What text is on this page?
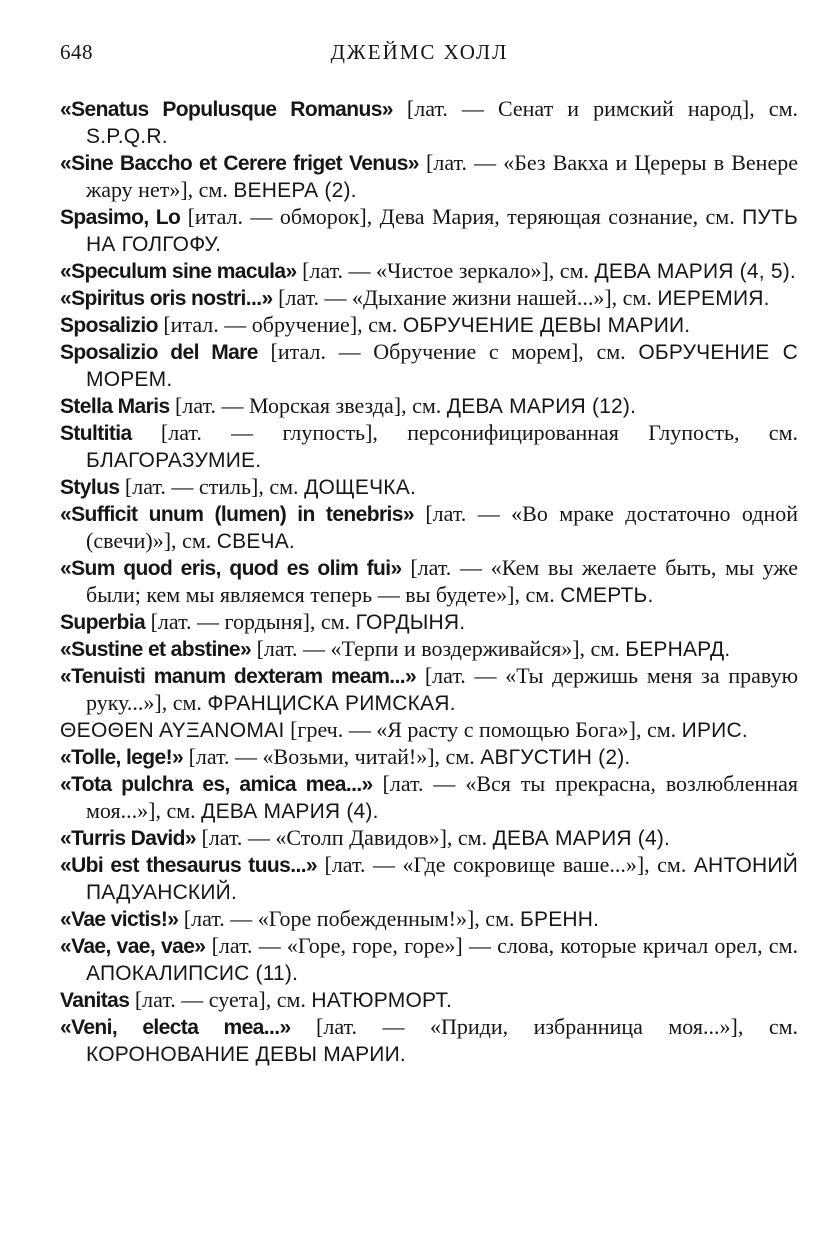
648	ДЖЕЙМС ХОЛЛ
«Senatus Populusque Romanus» [лат. — Сенат и римский народ], см. S.P.Q.R.
«Sine Baccho et Cerere friget Venus» [лат. — «Без Вакха и Цереры в Венере жару нет»], см. ВЕНЕРА (2).
Spasimo, Lo [итал. — обморок], Дева Мария, теряющая сознание, см. ПУТЬ НА ГОЛГОФУ.
«Speculum sine macula» [лат. — «Чистое зеркало»], см. ДЕВА МАРИЯ (4, 5).
«Spiritus oris nostri...» [лат. — «Дыхание жизни нашей...»], см. ИЕРЕМИЯ.
Sposalizio [итал. — обручение], см. ОБРУЧЕНИЕ ДЕВЫ МАРИИ.
Sposalizio del Mare [итал. — Обручение с морем], см. ОБРУЧЕНИЕ С МОРЕМ.
Stella Maris [лат. — Морская звезда], см. ДЕВА МАРИЯ (12).
Stultitia [лат. — глупость], персонифицированная Глупость, см. БЛАГОРАЗУМИЕ.
Stylus [лат. — стиль], см. ДОЩЕЧКА.
«Sufficit unum (lumen) in tenebris» [лат. — «Во мраке достаточно одной (свечи)»], см. СВЕЧА.
«Sum quod eris, quod es olim fui» [лат. — «Кем вы желаете быть, мы уже были; кем мы являемся теперь — вы будете»], см. СМЕРТЬ.
Superbia [лат. — гордыня], см. ГОРДЫНЯ.
«Sustine et abstine» [лат. — «Терпи и воздерживайся»], см. БЕРНАРД.
«Tenuisti manum dexteram meam...» [лат. — «Ты держишь меня за правую руку...»], см. ФРАНЦИСКА РИМСКАЯ.
ΘΕΟΘΕΝ ΑΥΞΑΝΟΜΑΙ [греч. — «Я расту с помощью Бога»], см. ИРИС.
«Tolle, lege!» [лат. — «Возьми, читай!»], см. АВГУСТИН (2).
«Tota pulchra es, amica mea...» [лат. — «Вся ты прекрасна, возлюбленная моя...»], см. ДЕВА МАРИЯ (4).
«Turris David» [лат. — «Столп Давидов»], см. ДЕВА МАРИЯ (4).
«Ubi est thesaurus tuus...» [лат. — «Где сокровище ваше...»], см. АНТОНИЙ ПАДУАНСКИЙ.
«Vae victis!» [лат. — «Горе побежденным!»], см. БРЕНН.
«Vae, vae, vae» [лат. — «Горе, горе, горе»] — слова, которые кричал орел, см. АПОКАЛИПСИС (11).
Vanitas [лат. — суета], см. НАТЮРМОРТ.
«Veni, electa mea...» [лат. — «Приди, избранница моя...»], см. КОРОНОВАНИЕ ДЕВЫ МАРИИ.
